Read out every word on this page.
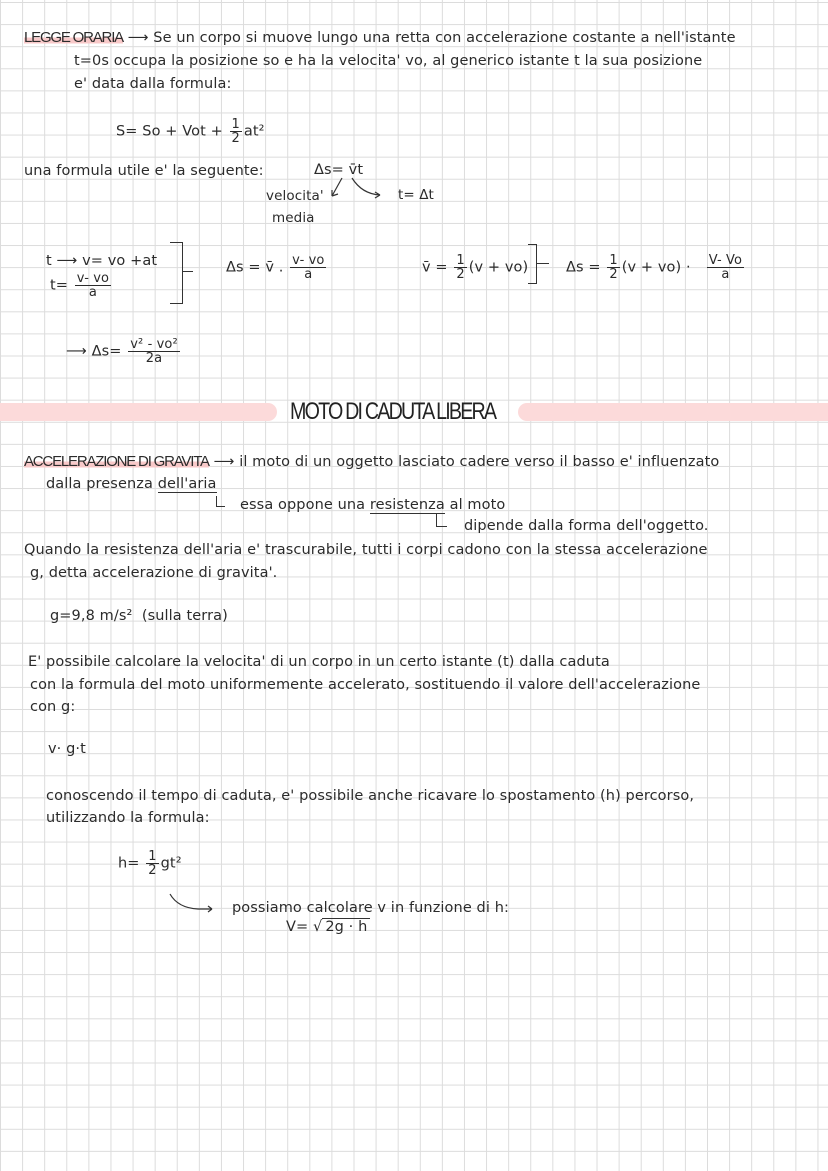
LEGGE ORARIA ⟶ Se un corpo si muove lungo una retta con accelerazione costante a nell'istante
t=0s occupa la posizione so e ha la velocita' vo, al generico istante t la sua posizione
e' data dalla formula:
S= So + Vot + $\frac{1}{2} at^2$
una formula utile e' la seguente:	Δs= v̄t
velocita'
media
t= Δt
t ⟶ v= vo +at
$t= \frac{v- vo}{a}$
Δs = v̄ . $\frac{v- vo}{a}$	v̄ = $\frac{1}{2} (v + vo)$	$\Delta s = \frac{1}{2} (v + vo) \cdot \frac{V- Vo}{a}$
⟶ $\Delta s= \frac{\text{v² - vo²}}{2a}$
MOTO DI CADUTA LIBERA
ACCELERAZIONE DI GRAVITA ⟶ il moto di un oggetto lasciato cadere verso il basso e' influenzato
dalla presenza dell'aria
essa oppone una resistenza al moto
dipende dalla forma dell'oggetto.
Quando la resistenza dell'aria e' trascurabile, tutti i corpi cadono con la stessa accelerazione
g, detta accelerazione di gravita'.
g=9,8 m/s² (sulla terra)
E' possibile calcolare la velocita' di un corpo in un certo istante (t) dalla caduta
con la formula del moto uniformemente accelerato, sostituendo il valore dell'accelerazione
con g:
v· g·t
conoscendo il tempo di caduta, e' possibile anche ricavare lo spostamento (h) percorso,
utilizzando la formula:
$h= \frac{1}{2} gt^2$
possiamo calcolare v in funzione di h:
V= √ 2g · h
